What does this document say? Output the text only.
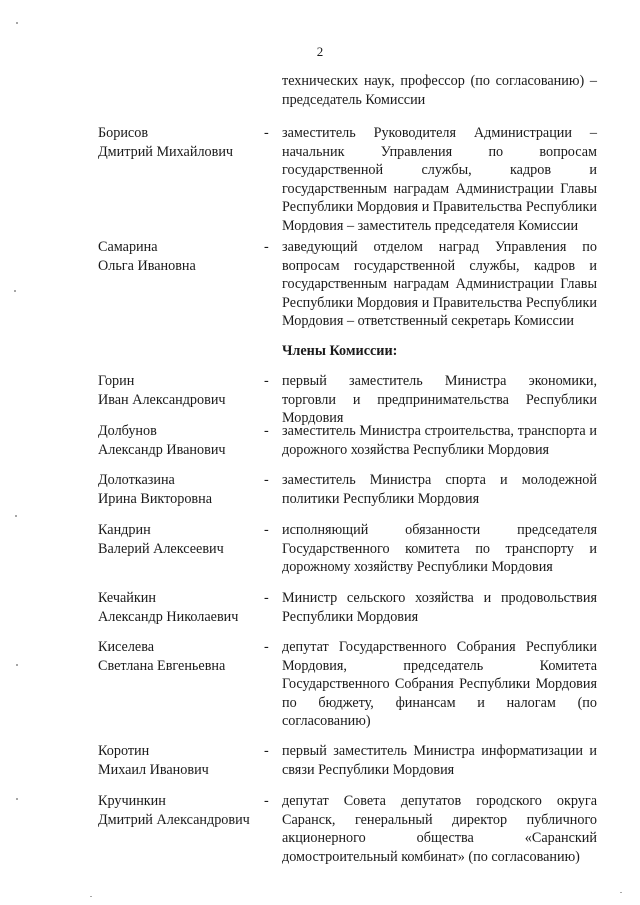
2
технических наук, профессор (по согласованию) – председатель Комиссии
Борисов
Дмитрий Михайлович
- заместитель Руководителя Администрации – начальник Управления по вопросам государственной службы, кадров и государственным наградам Администрации Главы Республики Мордовия и Правительства Республики Мордовия – заместитель председателя Комиссии
Самарина
Ольга Ивановна
- заведующий отделом наград Управления по вопросам государственной службы, кадров и государственным наградам Администрации Главы Республики Мордовия и Правительства Республики Мордовия – ответственный секретарь Комиссии
Члены Комиссии:
Горин
Иван Александрович
- первый заместитель Министра экономики, торговли и предпринимательства Республики Мордовия
Долбунов
Александр Иванович
- заместитель Министра строительства, транспорта и дорожного хозяйства Республики Мордовия
Долотказина
Ирина Викторовна
- заместитель Министра спорта и молодежной политики Республики Мордовия
Кандрин
Валерий Алексеевич
- исполняющий обязанности председателя Государственного комитета по транспорту и дорожному хозяйству Республики Мордовия
Кечайкин
Александр Николаевич
- Министр сельского хозяйства и продовольствия Республики Мордовия
Киселева
Светлана Евгеньевна
- депутат Государственного Собрания Республики Мордовия, председатель Комитета Государственного Собрания Республики Мордовия по бюджету, финансам и налогам (по согласованию)
Коротин
Михаил Иванович
- первый заместитель Министра информатизации и связи Республики Мордовия
Кручинкин
Дмитрий Александрович
- депутат Совета депутатов городского округа Саранск, генеральный директор публичного акционерного общества «Саранский домостроительный комбинат» (по согласованию)
